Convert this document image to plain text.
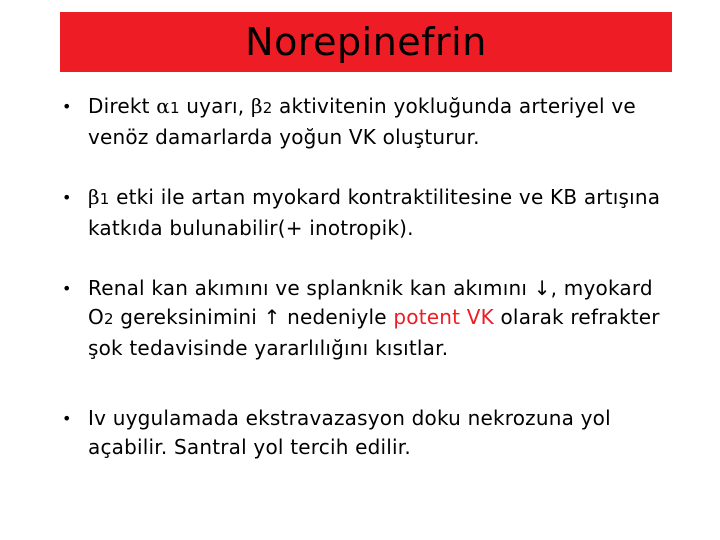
Norepinefrin
• Direkt α1 uyarı, β2 aktivitenin yokluğunda arteriyel ve venöz damarlarda yoğun VK oluşturur.
• β1 etki ile artan myokard kontraktilitesine ve KB artışına katkıda bulunabilir(+ inotropik).
• Renal kan akımını ve splanknik kan akımını ↓, myokard O2 gereksinimini ↑ nedeniyle potent VK olarak refrakter şok tedavisinde yararlılığını kısıtlar.
• Iv uygulamada ekstravazasyon doku nekrozuna yol açabilir. Santral yol tercih edilir.
